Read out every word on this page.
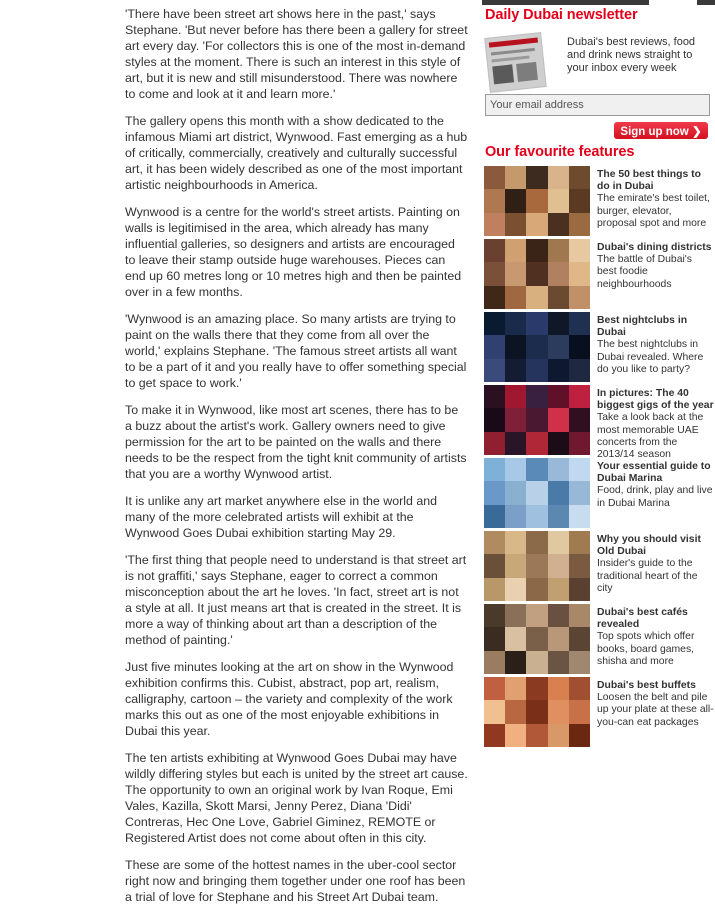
'There have been street art shows here in the past,' says Stephane. 'But never before has there been a gallery for street art every day. 'For collectors this is one of the most in-demand styles at the moment. There is such an interest in this style of art, but it is new and still misunderstood. There was nowhere to come and look at it and learn more.'

The gallery opens this month with a show dedicated to the infamous Miami art district, Wynwood. Fast emerging as a hub of critically, commercially, creatively and culturally successful art, it has been widely described as one of the most important artistic neighbourhoods in America.

Wynwood is a centre for the world's street artists. Painting on walls is legitimised in the area, which already has many influential galleries, so designers and artists are encouraged to leave their stamp outside huge warehouses. Pieces can end up 60 metres long or 10 metres high and then be painted over in a few months.

'Wynwood is an amazing place. So many artists are trying to paint on the walls there that they come from all over the world,' explains Stephane. 'The famous street artists all want to be a part of it and you really have to offer something special to get space to work.'

To make it in Wynwood, like most art scenes, there has to be a buzz about the artist's work. Gallery owners need to give permission for the art to be painted on the walls and there needs to be the respect from the tight knit community of artists that you are a worthy Wynwood artist.

It is unlike any art market anywhere else in the world and many of the more celebrated artists will exhibit at the Wynwood Goes Dubai exhibition starting May 29.

'The first thing that people need to understand is that street art is not graffiti,' says Stephane, eager to correct a common misconception about the art he loves. 'In fact, street art is not a style at all. It just means art that is created in the street. It is more a way of thinking about art than a description of the method of painting.'

Just five minutes looking at the art on show in the Wynwood exhibition confirms this. Cubist, abstract, pop art, realism, calligraphy, cartoon – the variety and complexity of the work marks this out as one of the most enjoyable exhibitions in Dubai this year.

The ten artists exhibiting at Wynwood Goes Dubai may have wildly differing styles but each is united by the street art cause. The opportunity to own an original work by Ivan Roque, Emi Vales, Kazilla, Skott Marsi, Jenny Perez, Diana 'Didi' Contreras, Hec One Love, Gabriel Giminez, REMOTE or Registered Artist does not come about often in this city.

These are some of the hottest names in the uber-cool sector right now and bringing them together under one roof has been a trial of love for Stephane and his Street Art Dubai team.

Daily Dubai newsletter
Dubai's best reviews, food and drink news straight to your inbox every week
Your email address
Sign up now ❯
Our favourite features
The 50 best things to do in Dubai
The emirate's best toilet, burger, elevator, proposal spot and more
Dubai's dining districts
The battle of Dubai's best foodie neighbourhoods
Best nightclubs in Dubai
The best nightclubs in Dubai revealed. Where do you like to party?
In pictures: The 40 biggest gigs of the year
Take a look back at the most memorable UAE concerts from the 2013/14 season
Your essential guide to Dubai Marina
Food, drink, play and live in Dubai Marina
Why you should visit Old Dubai
Insider's guide to the traditional heart of the city
Dubai's best cafés revealed
Top spots which offer books, board games, shisha and more
Dubai's best buffets
Loosen the belt and pile up your plate at these all-you-can eat packages
